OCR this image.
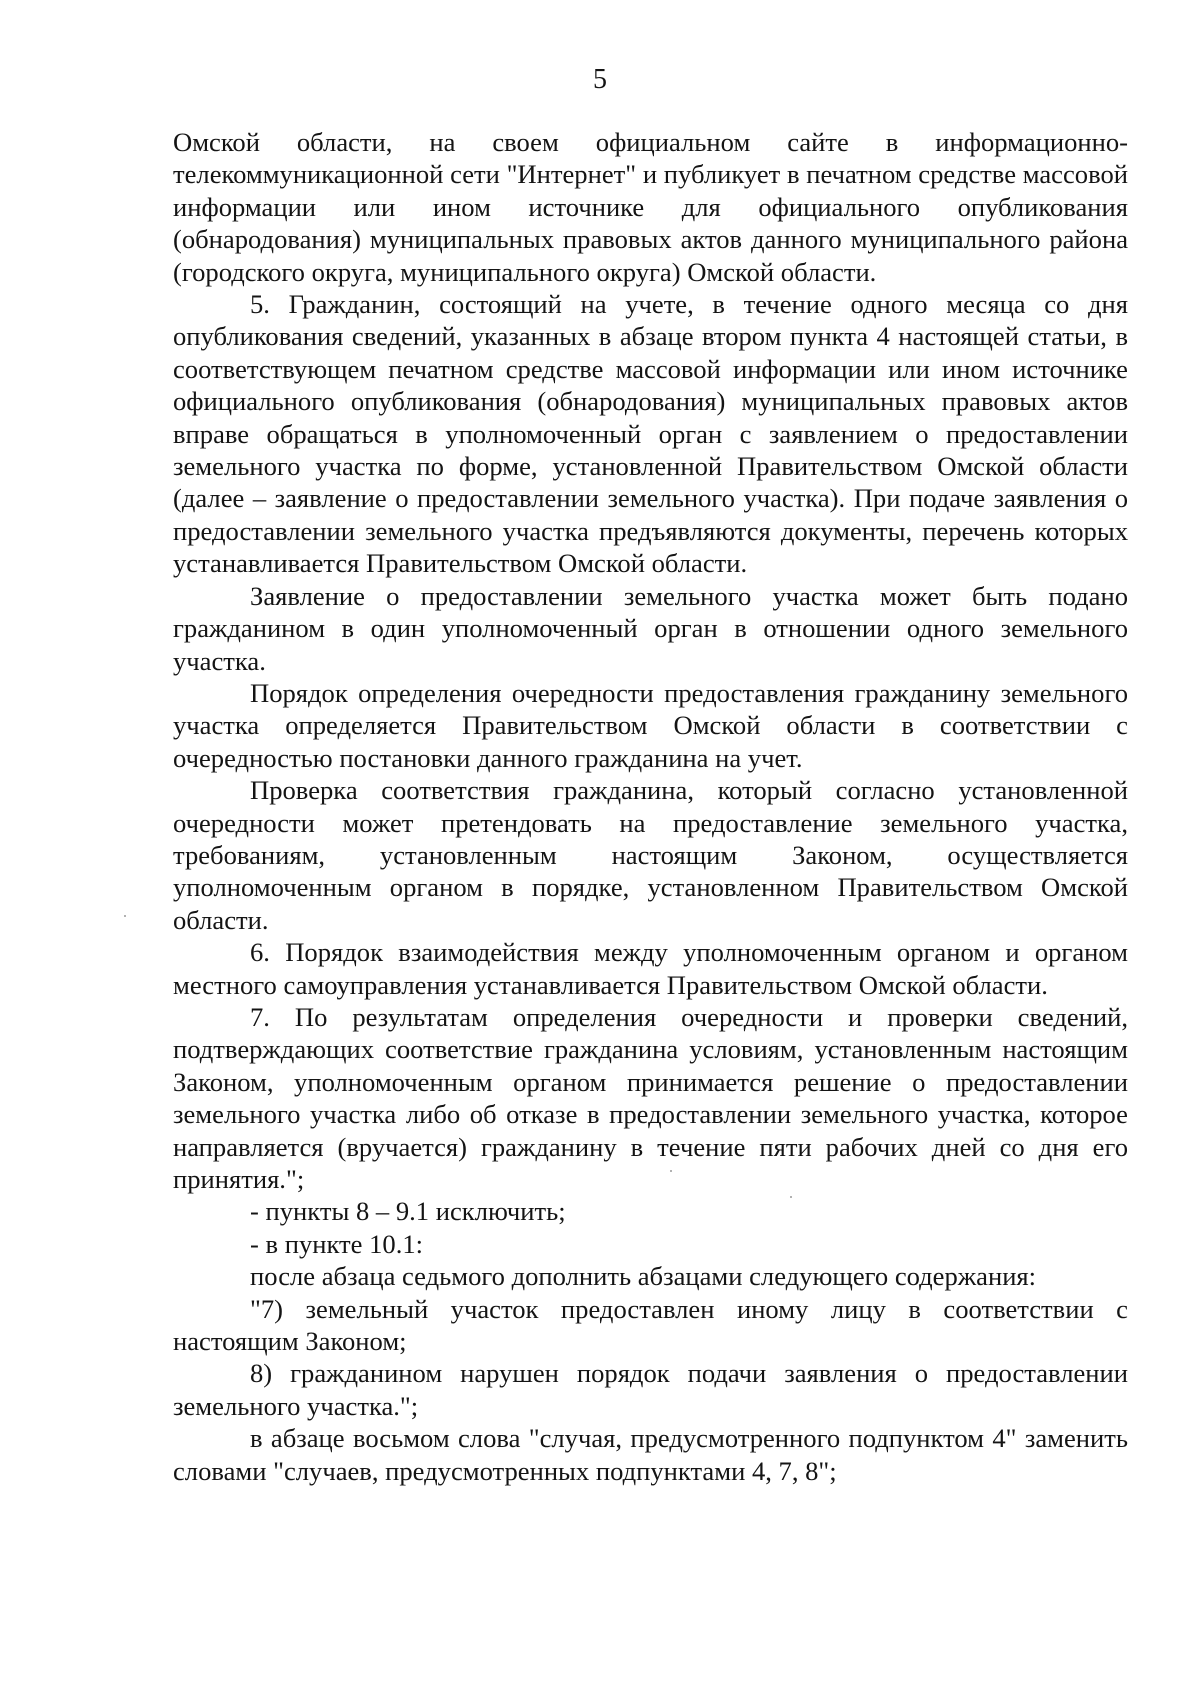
5

Омской области, на своем официальном сайте в информационно-телекоммуникационной сети "Интернет" и публикует в печатном средстве массовой информации или ином источнике для официального опубликования (обнародования) муниципальных правовых актов данного муниципального района (городского округа, муниципального округа) Омской области.

5. Гражданин, состоящий на учете, в течение одного месяца со дня опубликования сведений, указанных в абзаце втором пункта 4 настоящей статьи, в соответствующем печатном средстве массовой информации или ином источнике официального опубликования (обнародования) муниципальных правовых актов вправе обращаться в уполномоченный орган с заявлением о предоставлении земельного участка по форме, установленной Правительством Омской области (далее – заявление о предоставлении земельного участка). При подаче заявления о предоставлении земельного участка предъявляются документы, перечень которых устанавливается Правительством Омской области.

Заявление о предоставлении земельного участка может быть подано гражданином в один уполномоченный орган в отношении одного земельного участка.

Порядок определения очередности предоставления гражданину земельного участка определяется Правительством Омской области в соответствии с очередностью постановки данного гражданина на учет.

Проверка соответствия гражданина, который согласно установленной очередности может претендовать на предоставление земельного участка, требованиям, установленным настоящим Законом, осуществляется уполномоченным органом в порядке, установленном Правительством Омской области.

6. Порядок взаимодействия между уполномоченным органом и органом местного самоуправления устанавливается Правительством Омской области.

7. По результатам определения очередности и проверки сведений, подтверждающих соответствие гражданина условиям, установленным настоящим Законом, уполномоченным органом принимается решение о предоставлении земельного участка либо об отказе в предоставлении земельного участка, которое направляется (вручается) гражданину в течение пяти рабочих дней со дня его принятия.";

- пункты 8 – 9.1 исключить;

- в пункте 10.1:

после абзаца седьмого дополнить абзацами следующего содержания:

"7) земельный участок предоставлен иному лицу в соответствии с настоящим Законом;

8) гражданином нарушен порядок подачи заявления о предоставлении земельного участка.";

в абзаце восьмом слова "случая, предусмотренного подпунктом 4" заменить словами "случаев, предусмотренных подпунктами 4, 7, 8";
